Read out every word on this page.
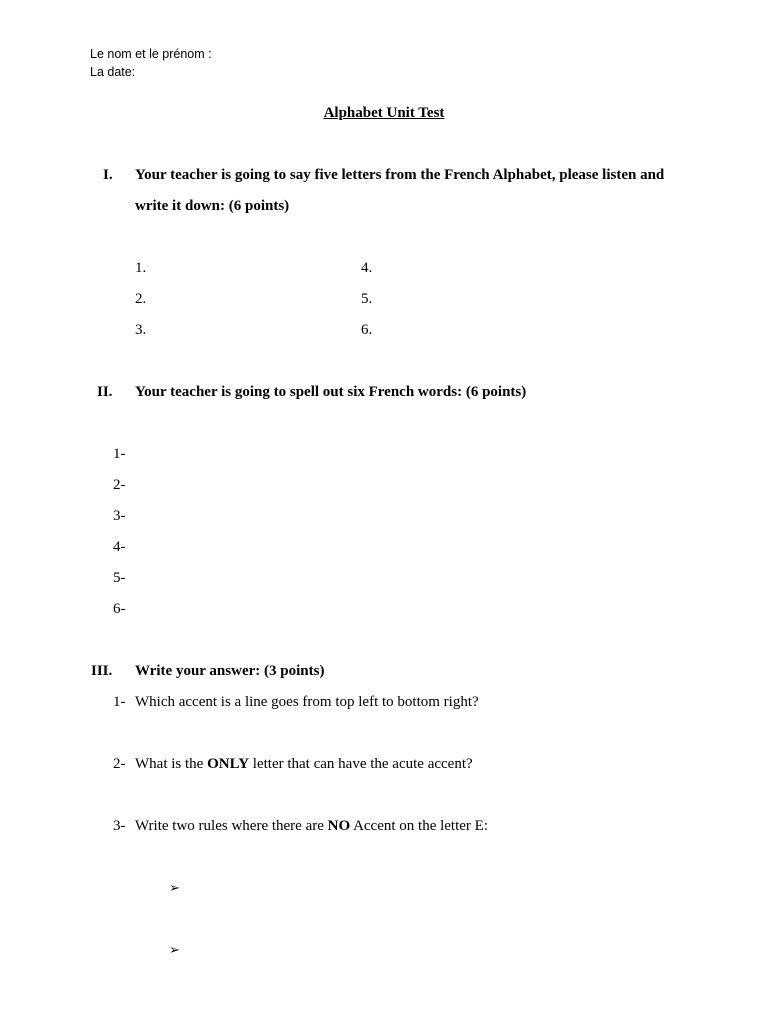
Le nom et le prénom :
La date:
Alphabet Unit Test
I. Your teacher is going to say five letters from the French Alphabet, please listen and
write it down: (6 points)
1.
2.
3.
4.
5.
6.
II. Your teacher is going to spell out six French words: (6 points)
1-
2-
3-
4-
5-
6-
III. Write your answer: (3 points)
1- Which accent is a line goes from top left to bottom right?
2- What is the ONLY letter that can have the acute accent?
3- Write two rules where there are NO Accent on the letter E:
➢
➢
